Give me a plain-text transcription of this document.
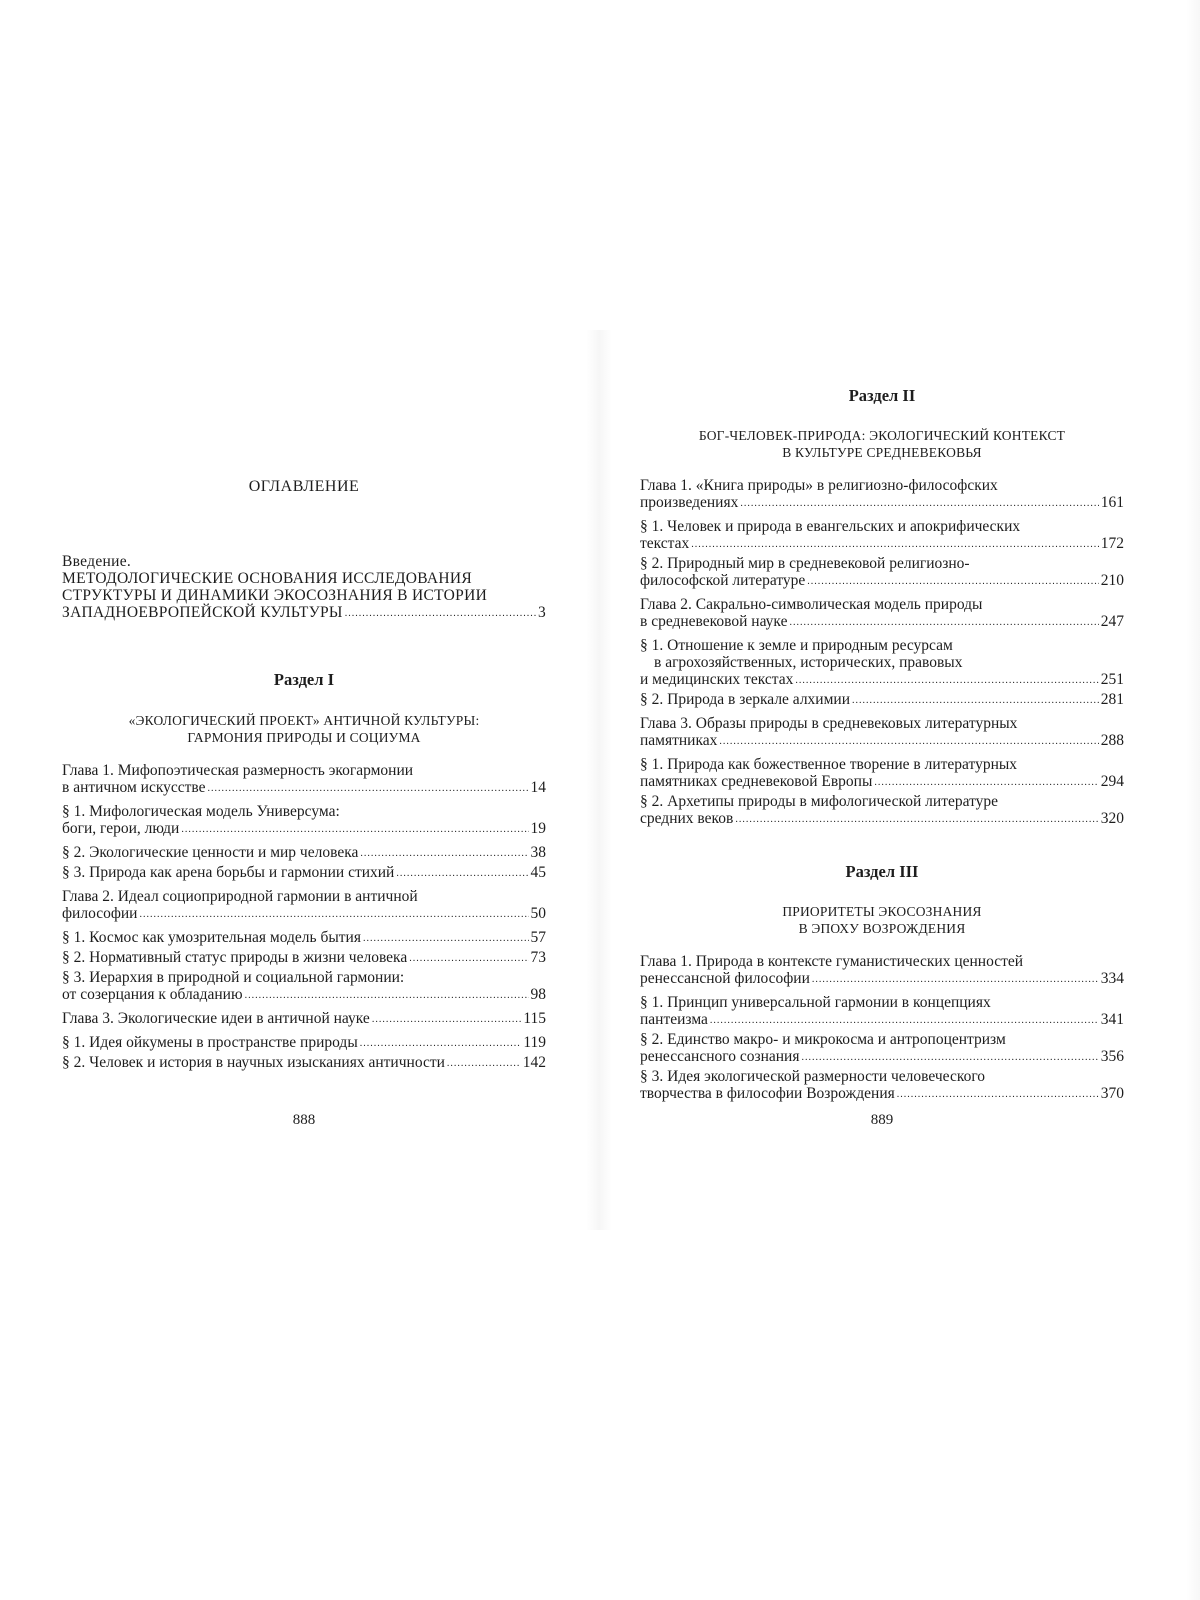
ОГЛАВЛЕНИЕ
Введение.
МЕТОДОЛОГИЧЕСКИЕ ОСНОВАНИЯ ИССЛЕДОВАНИЯ
СТРУКТУРЫ И ДИНАМИКИ ЭКОСОЗНАНИЯ В ИСТОРИИ
ЗАПАДНОЕВРОПЕЙСКОЙ КУЛЬТУРЫ .....	3
Раздел I
«ЭКОЛОГИЧЕСКИЙ ПРОЕКТ» АНТИЧНОЙ КУЛЬТУРЫ:
ГАРМОНИЯ ПРИРОДЫ И СОЦИУМА
Глава 1. Мифопоэтическая размерность экогармонии
в античном искусстве .....	14
§ 1. Мифологическая модель Универсума:
боги, герои, люди .....	19
§ 2. Экологические ценности и мир человека .....	38
§ 3. Природа как арена борьбы и гармонии стихий .....	45
Глава 2. Идеал социоприродной гармонии в античной
философии .....	50
§ 1. Космос как умозрительная модель бытия .....	57
§ 2. Нормативный статус природы в жизни человека .....	73
§ 3. Иерархия в природной и социальной гармонии:
от созерцания к обладанию .....	98
Глава 3. Экологические идеи в античной науке .....	115
§ 1. Идея ойкумены в пространстве природы .....	119
§ 2. Человек и история в научных изысканиях античности .....	142
888
Раздел II
БОГ-ЧЕЛОВЕК-ПРИРОДА: ЭКОЛОГИЧЕСКИЙ КОНТЕКСТ
В КУЛЬТУРЕ СРЕДНЕВЕКОВЬЯ
Глава 1. «Книга природы» в религиозно-философских
произведениях .....	161
§ 1. Человек и природа в евангельских и апокрифических
текстах .....	172
§ 2. Природный мир в средневековой религиозно-
философской литературе .....	210
Глава 2. Сакрально-символическая модель природы
в средневековой науке .....	247
§ 1. Отношение к земле и природным ресурсам
в агрохозяйственных, исторических, правовых
и медицинских текстах .....	251
§ 2. Природа в зеркале алхимии .....	281
Глава 3. Образы природы в средневековых литературных
памятниках .....	288
§ 1. Природа как божественное творение в литературных
памятниках средневековой Европы .....	294
§ 2. Архетипы природы в мифологической литературе
средних веков .....	320
Раздел III
ПРИОРИТЕТЫ ЭКОСОЗНАНИЯ
В ЭПОХУ ВОЗРОЖДЕНИЯ
Глава 1. Природа в контексте гуманистических ценностей
ренессансной философии .....	334
§ 1. Принцип универсальной гармонии в концепциях
пантеизма .....	341
§ 2. Единство макро- и микрокосма и антропоцентризм
ренессансного сознания .....	356
§ 3. Идея экологической размерности человеческого
творчества в философии Возрождения .....	370
889
